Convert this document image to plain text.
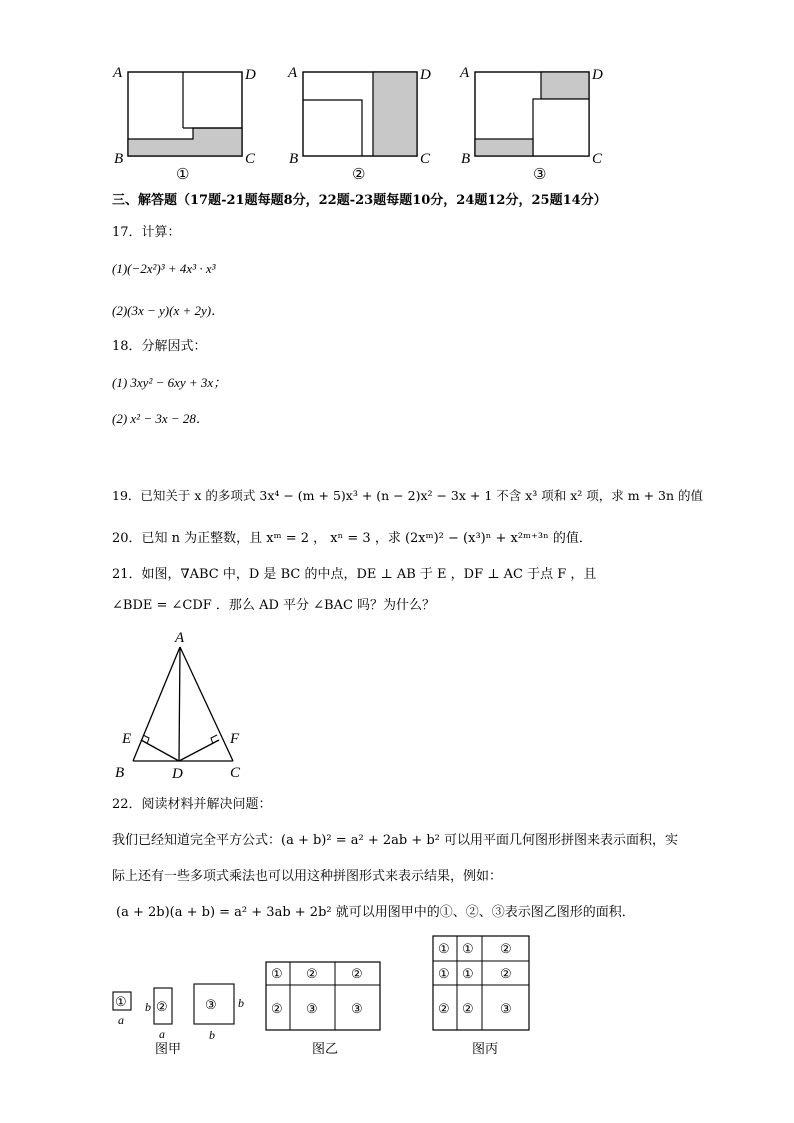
A	D
B	C
①
A	D
B	C
②
A	D
B	C
③
三、解答题（17题-21题每题8分，22题-23题每题10分，24题12分，25题14分）
17．计算：
(1)(−2x²)³ + 4x³ · x³
(2)(3x − y)(x + 2y)．
18．分解因式：
(1) 3xy² − 6xy + 3x；
(2) x² − 3x − 28．
19．已知关于 x 的多项式 3x⁴ − (m + 5)x³ + (n − 2)x² − 3x + 1 不含 x³ 项和 x² 项，求 m + 3n 的值
20．已知 n 为正整数，且 xᵐ = 2 ， xⁿ = 3 ，求 (2xᵐ)² − (x³)ⁿ + x²ᵐ⁺³ⁿ 的值．
21．如图，∇ABC 中，D 是 BC 的中点，DE ⊥ AB 于 E ，DF ⊥ AC 于点 F ，且
∠BDE = ∠CDF ．那么 AD 平分 ∠BAC 吗？为什么？
A
E	F
B	D	C
22．阅读材料并解决问题：
我们已经知道完全平方公式：(a + b)² = a² + 2ab + b² 可以用平面几何图形拼图来表示面积，实
际上还有一些多项式乘法也可以用这种拼图形式来表示结果，例如：
(a + 2b)(a + b) = a² + 3ab + 2b² 就可以用图甲中的①、②、③表示图乙图形的面积．
①
a
②
b
a
③ b
b
图甲
① ②	②
② ③	③
图乙
① ① ②
① ① ②
② ② ③
图丙
